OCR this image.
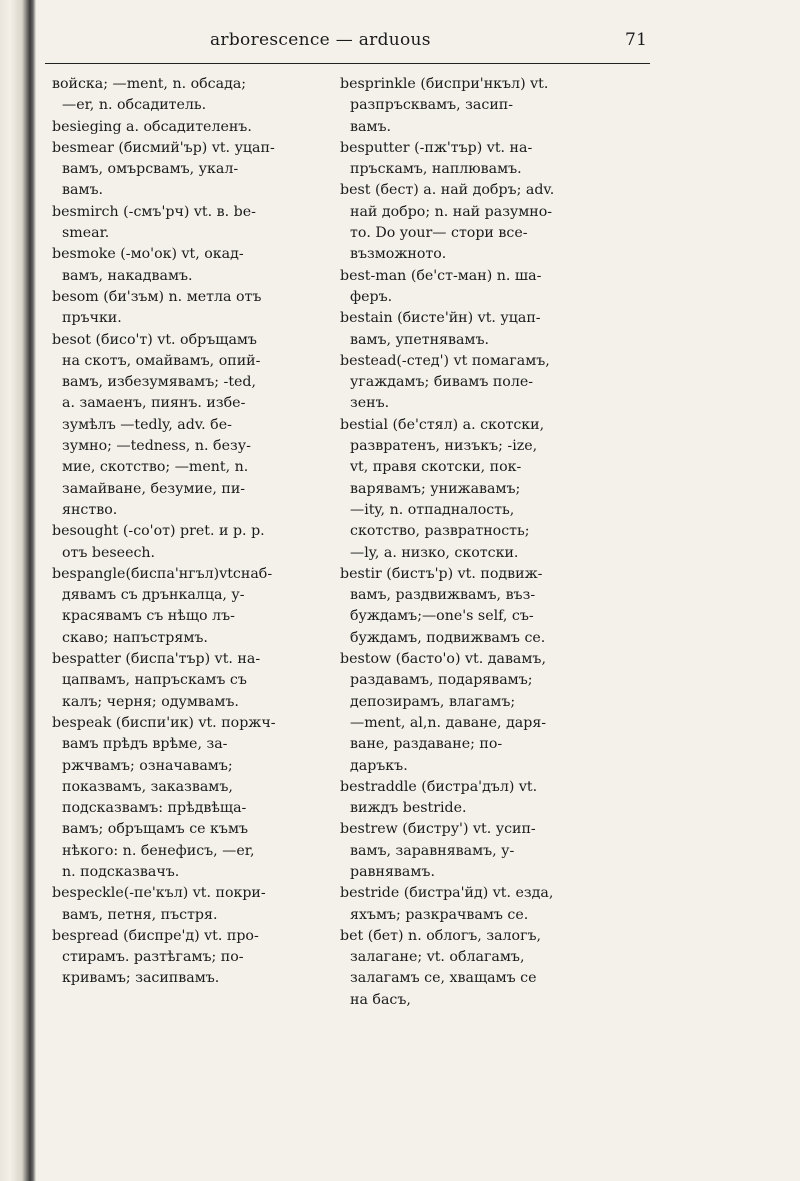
arborescence — arduous	71
войска; —ment, n. обсада;
—er, n. обсадитель.
besieging a. обсадителенъ.
besmear (бисмий'ър) vt. уцап-
вамъ, омърсвамъ, укал-
вамъ.
besmirch (-смъ'рч) vt. в. be-
smear.
besmoke (-мо'ок) vt, окад-
вамъ, накадвамъ.
besom (би'зъм) n. метла отъ
пръчки.
besot (бисо'т) vt. обръщамъ
на скотъ, омайвамъ, опий-
вамъ, избезумявамъ; -ted,
a. замаенъ, пиянъ. избе-
зумѣлъ —tedly, adv. бе-
зумно; —tedness, n. безу-
мие, скотство; —ment, n.
замайване, безумие, пи-
янство.
besought (-со'от) pret. и p. p.
отъ beseech.
bespangle(биспа'нгъл)vtснаб-
дявамъ съ дрънкалца, у-
красявамъ съ нѣщо лъ-
скаво; напъстрямъ.
bespatter (биспа'тър) vt. на-
цапвамъ, напръскамъ съ
калъ; черня; одумвамъ.
bespeak (биспи'ик) vt. поржч-
вамъ прѣдъ врѣме, за-
ржчвамъ; означавамъ;
показвамъ, заказвамъ,
подсказвамъ: прѣдвѣща-
вамъ; обръщамъ се къмъ
нѣкого: n. бенефисъ, —er,
n. подсказвачъ.
bespeckle(-пе'къл) vt. покри-
вамъ, петня, пъстря.
bespread (биспре'д) vt. про-
стирамъ. разтѣгамъ; по-
кривамъ; засипвамъ.
besprinkle (биспри'нкъл) vt.
разпръсквамъ, засип-
вамъ.
besputter (-пж'тър) vt. на-
пръскамъ, наплювамъ.
best (бест) a. най добръ; adv.
най добро; n. най разумно-
то. Do your— стори все-
възможното.
best-man (бе'ст-ман) n. ша-
феръ.
bestain (бисте'йн) vt. уцап-
вамъ, упетнявамъ.
bestead(-стед') vt помагамъ,
угаждамъ; бивамъ поле-
зенъ.
bestial (бе'стял) a. скотски,
развратенъ, низъкъ; -ize,
vt, правя скотски, пок-
варявамъ; унижавамъ;
—ity, n. отпадналость,
скотство, развратность;
—ly, a. низко, скотски.
bestir (бистъ'р) vt. подвиж-
вамъ, раздвижвамъ, въз-
буждамъ;—one's self, съ-
буждамъ, подвижвамъ се.
bestow (басто'о) vt. давамъ,
раздавамъ, подарявамъ;
депозирамъ, влагамъ;
—ment, al,n. даване, даря-
ване, раздаване; по-
даръкъ.
bestraddle (бистра'дъл) vt.
виждъ bestride.
bestrew (бистру') vt. усип-
вамъ, заравнявамъ, у-
равнявамъ.
bestride (бистра'йд) vt. езда,
яхъмъ; разкрачвамъ се.
bet (бет) n. облогъ, залогъ,
залагане; vt. облагамъ,
залагамъ се, хващамъ се
на басъ,
